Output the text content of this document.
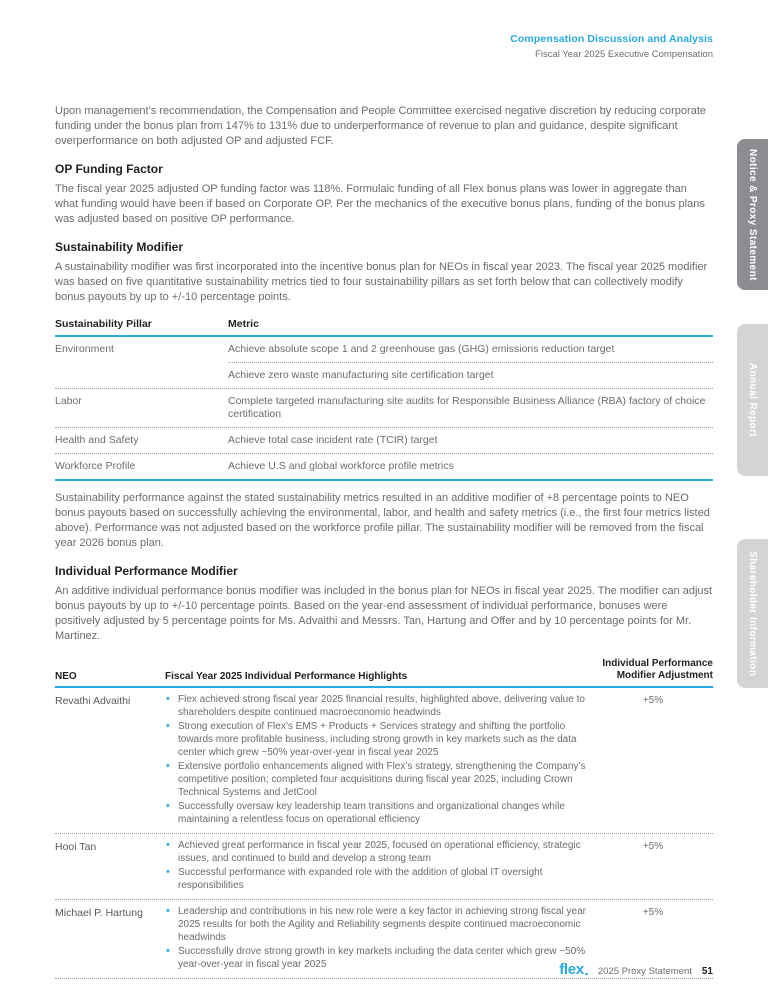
Compensation Discussion and Analysis
Fiscal Year 2025 Executive Compensation
Notice & Proxy Statement
Annual Report
Shareholder Information

Upon management’s recommendation, the Compensation and People Committee exercised negative discretion by reducing corporate funding under the bonus plan from 147% to 131% due to underperformance of revenue to plan and guidance, despite significant overperformance on both adjusted OP and adjusted FCF.

OP Funding Factor

The fiscal year 2025 adjusted OP funding factor was 118%. Formulaic funding of all Flex bonus plans was lower in aggregate than what funding would have been if based on Corporate OP. Per the mechanics of the executive bonus plans, funding of the bonus plans was adjusted based on positive OP performance.

Sustainability Modifier

A sustainability modifier was first incorporated into the incentive bonus plan for NEOs in fiscal year 2023. The fiscal year 2025 modifier was based on five quantitative sustainability metrics tied to four sustainability pillars as set forth below that can collectively modify bonus payouts by up to +/-10 percentage points.

Sustainability Pillar	Metric
Environment	Achieve absolute scope 1 and 2 greenhouse gas (GHG) emissions reduction target
Achieve zero waste manufacturing site certification target
Labor	Complete targeted manufacturing site audits for Responsible Business Alliance (RBA) factory of choice certification
Health and Safety	Achieve total case incident rate (TCIR) target
Workforce Profile	Achieve U.S and global workforce profile metrics

Sustainability performance against the stated sustainability metrics resulted in an additive modifier of +8 percentage points to NEO bonus payouts based on successfully achieving the environmental, labor, and health and safety metrics (i.e., the first four metrics listed above). Performance was not adjusted based on the workforce profile pillar. The sustainability modifier will be removed from the fiscal year 2026 bonus plan.

Individual Performance Modifier

An additive individual performance bonus modifier was included in the bonus plan for NEOs in fiscal year 2025. The modifier can adjust bonus payouts by up to +/-10 percentage points. Based on the year-end assessment of individual performance, bonuses were positively adjusted by 5 percentage points for Ms. Advaithi and Messrs. Tan, Hartung and Offer and by 10 percentage points for Mr. Martinez.

NEO	Fiscal Year 2025 Individual Performance Highlights
Individual Performance
Modifier Adjustment
Revathi Advaithi	• Flex achieved strong fiscal year 2025 financial results, highlighted above, delivering value to shareholders despite continued macroeconomic headwinds
• Strong execution of Flex’s EMS + Products + Services strategy and shifting the portfolio towards more profitable business, including strong growth in key markets such as the data center which grew ~50% year-over-year in fiscal year 2025
• Extensive portfolio enhancements aligned with Flex’s strategy, strengthening the Company’s competitive position; completed four acquisitions during fiscal year 2025, including Crown Technical Systems and JetCool
• Successfully oversaw key leadership team transitions and organizational changes while maintaining a relentless focus on operational efficiency
+5%
Hooi Tan	• Achieved great performance in fiscal year 2025, focused on operational efficiency, strategic issues, and continued to build and develop a strong team
• Successful performance with expanded role with the addition of global IT oversight responsibilities
+5%
Michael P. Hartung	• Leadership and contributions in his new role were a key factor in achieving strong fiscal year 2025 results for both the Agility and Reliability segments despite continued macroeconomic headwinds
• Successfully drove strong growth in key markets including the data center which grew ~50% year-over-year in fiscal year 2025
+5%
flex	2025 Proxy Statement 51
